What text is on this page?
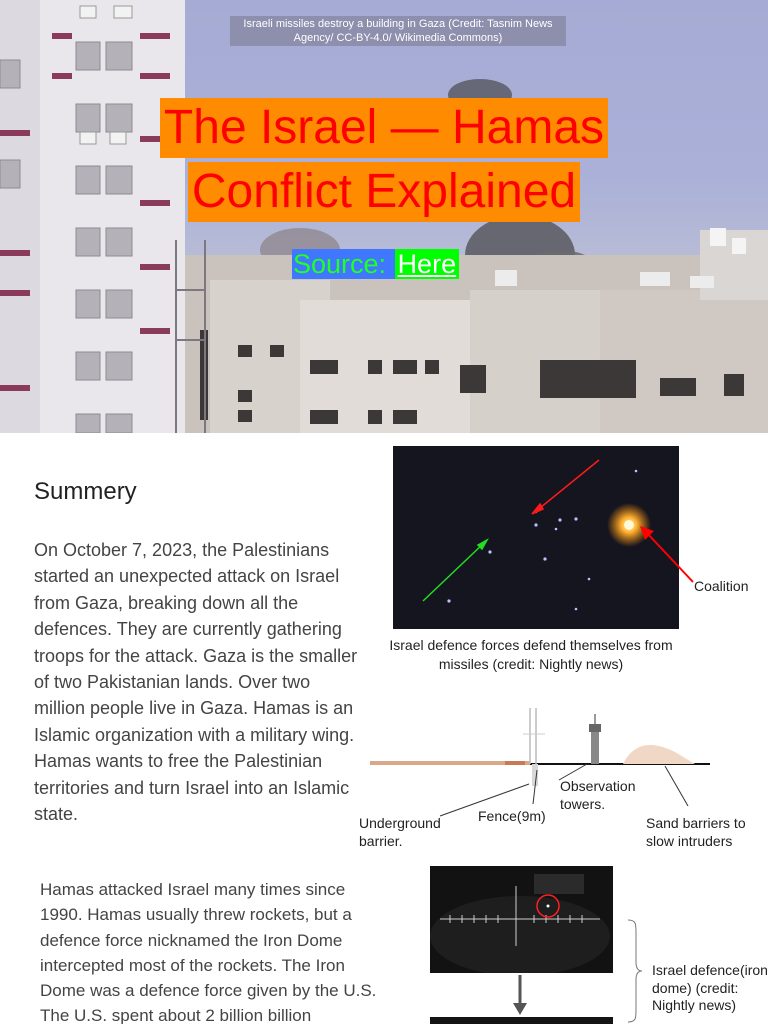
Israeli missiles destroy a building in Gaza (Credit: Tasnim News Agency/ CC-BY-4.0/ Wikimedia Commons)
The Israel — Hamas
Conflict Explained
Source: Here
Summery

On October 7, 2023, the Palestinians started an unexpected attack on Israel from Gaza, breaking down all the defences. They are currently gathering troops for the attack. Gaza is the smaller of two Pakistanian lands. Over two million people live in Gaza. Hamas is an Islamic organization with a military wing. Hamas wants to free the Palestinian territories and turn Israel into an Islamic state.

Hamas attacked Israel many times since 1990. Hamas usually threw rockets, but a defence force nicknamed the Iron Dome intercepted most of the rockets. The Iron Dome was a defence force given by the U.S. The U.S. spent about 2 billion billion

Coalition
Israel defence forces defend themselves from missiles (credit: Nightly news)
Underground barrier.
Fence(9m)
Observation towers.
Sand barriers to slow intruders
Israel defence(iron dome) (credit: Nightly news)
